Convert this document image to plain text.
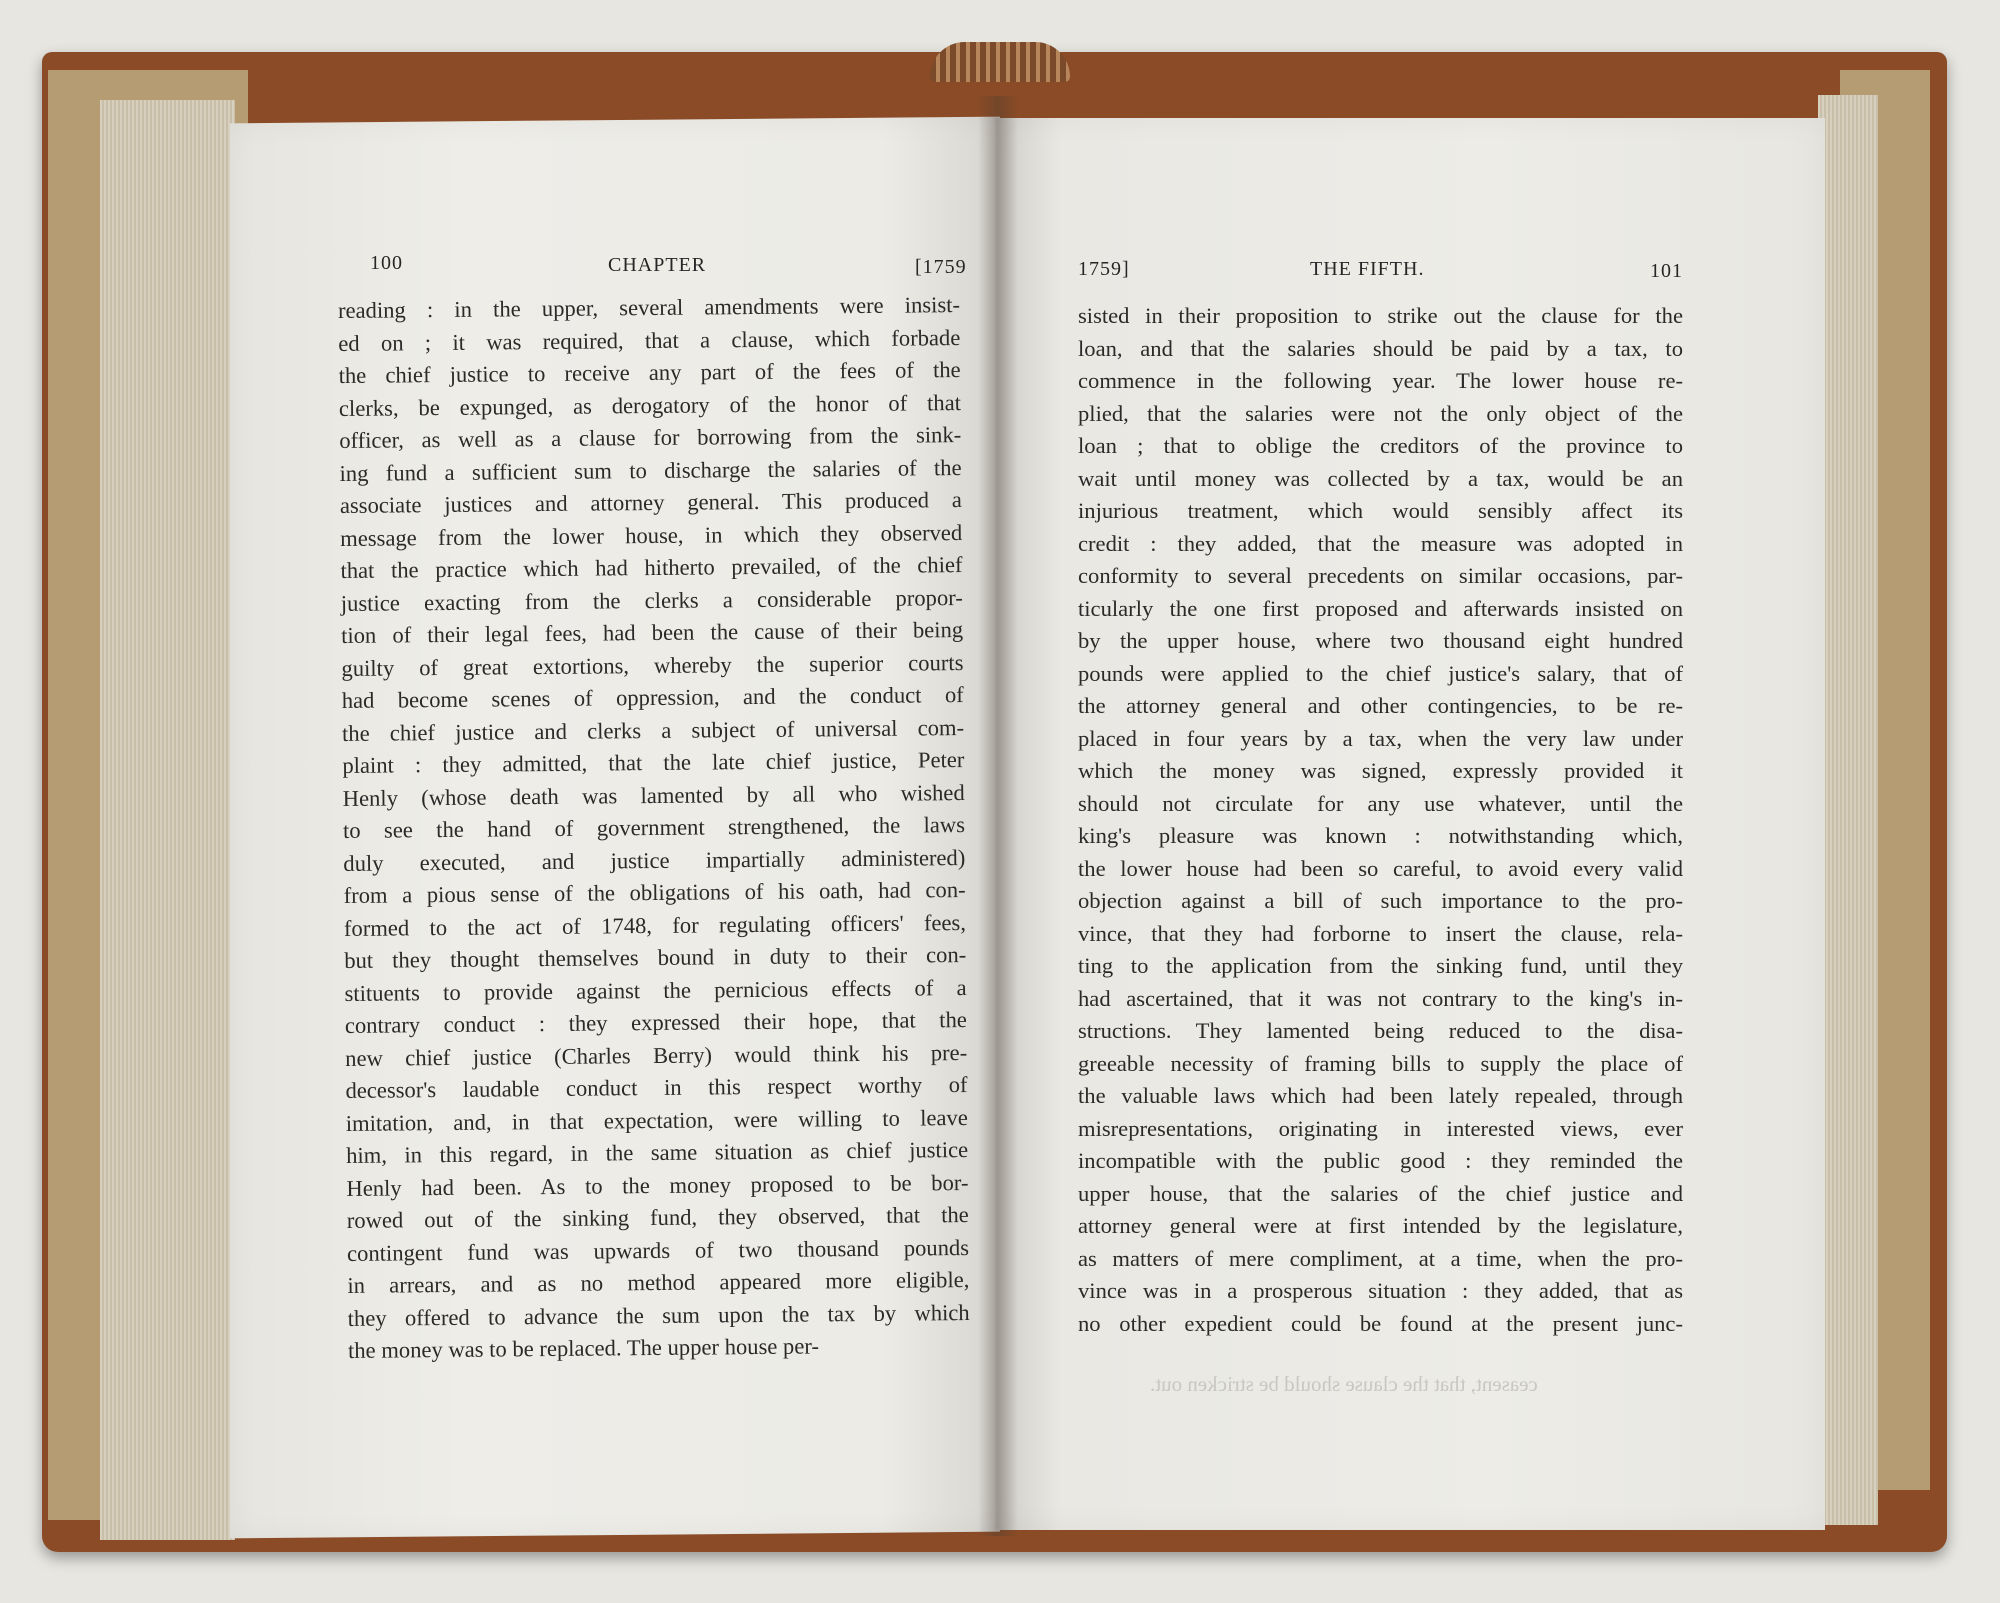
100	CHAPTER	[1759	1759]	THE FIFTH.	101
reading : in the upper, several amendments were insist-
ed on ; it was required, that a clause, which forbade
the chief justice to receive any part of the fees of the
clerks, be expunged, as derogatory of the honor of that
officer, as well as a clause for borrowing from the sink-
ing fund a sufficient sum to discharge the salaries of the
associate justices and attorney general. This produced a
message from the lower house, in which they observed
that the practice which had hitherto prevailed, of the chief
justice exacting from the clerks a considerable propor-
tion of their legal fees, had been the cause of their being
guilty of great extortions, whereby the superior courts
had become scenes of oppression, and the conduct of
the chief justice and clerks a subject of universal com-
plaint : they admitted, that the late chief justice, Peter
Henly (whose death was lamented by all who wished
to see the hand of government strengthened, the laws
duly executed, and justice impartially administered)
from a pious sense of the obligations of his oath, had con-
formed to the act of 1748, for regulating officers' fees,
but they thought themselves bound in duty to their con-
stituents to provide against the pernicious effects of a
contrary conduct : they expressed their hope, that the
new chief justice (Charles Berry) would think his pre-
decessor's laudable conduct in this respect worthy of
imitation, and, in that expectation, were willing to leave
him, in this regard, in the same situation as chief justice
Henly had been. As to the money proposed to be bor-
rowed out of the sinking fund, they observed, that the
contingent fund was upwards of two thousand pounds
in arrears, and as no method appeared more eligible,
they offered to advance the sum upon the tax by which
the money was to be replaced. The upper house per-
sisted in their proposition to strike out the clause for the
loan, and that the salaries should be paid by a tax, to
commence in the following year. The lower house re-
plied, that the salaries were not the only object of the
loan ; that to oblige the creditors of the province to
wait until money was collected by a tax, would be an
injurious treatment, which would sensibly affect its
credit : they added, that the measure was adopted in
conformity to several precedents on similar occasions, par-
ticularly the one first proposed and afterwards insisted on
by the upper house, where two thousand eight hundred
pounds were applied to the chief justice's salary, that of
the attorney general and other contingencies, to be re-
placed in four years by a tax, when the very law under
which the money was signed, expressly provided it
should not circulate for any use whatever, until the
king's pleasure was known : notwithstanding which,
the lower house had been so careful, to avoid every valid
objection against a bill of such importance to the pro-
vince, that they had forborne to insert the clause, rela-
ting to the application from the sinking fund, until they
had ascertained, that it was not contrary to the king's in-
structions. They lamented being reduced to the disa-
greeable necessity of framing bills to supply the place of
the valuable laws which had been lately repealed, through
misrepresentations, originating in interested views, ever
incompatible with the public good : they reminded the
upper house, that the salaries of the chief justice and
attorney general were at first intended by the legislature,
as matters of mere compliment, at a time, when the pro-
vince was in a prosperous situation : they added, that as
no other expedient could be found at the present junc-
ceasent, that the clause should be stricken out.
